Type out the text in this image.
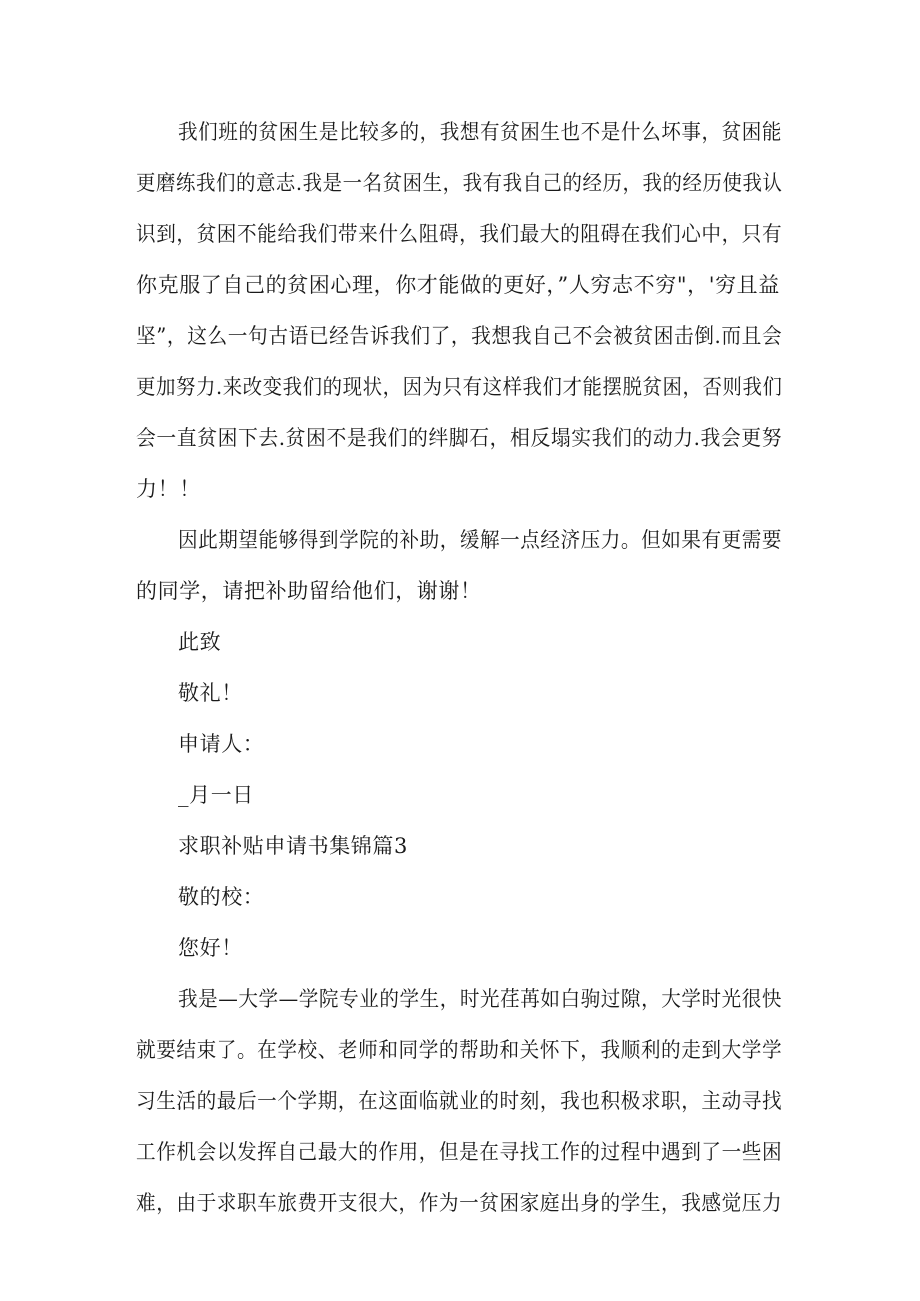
我们班的贫困生是比较多的，我想有贫困生也不是什么坏事，贫困能
更磨练我们的意志.我是一名贫困生，我有我自己的经历，我的经历使我认
识到，贫困不能给我们带来什么阻碍，我们最大的阻碍在我们心中，只有
你克服了自己的贫困心理，你才能做的更好，”人穷志不穷"，'穷且益
坚”，这么一句古语已经告诉我们了，我想我自己不会被贫困击倒.而且会
更加努力.来改变我们的现状，因为只有这样我们才能摆脱贫困，否则我们
会一直贫困下去.贫困不是我们的绊脚石，相反塌实我们的动力.我会更努
力！！
因此期望能够得到学院的补助，缓解一点经济压力。但如果有更需要
的同学，请把补助留给他们，谢谢！
此致
敬礼！
申请人：
_月一日
求职补贴申请书集锦篇3
敬的校：
您好！
我是—大学—学院专业的学生，时光荏苒如白驹过隙，大学时光很快
就要结束了。在学校、老师和同学的帮助和关怀下，我顺利的走到大学学
习生活的最后一个学期，在这面临就业的时刻，我也积极求职，主动寻找
工作机会以发挥自己最大的作用，但是在寻找工作的过程中遇到了一些困
难，由于求职车旅费开支很大，作为一贫困家庭出身的学生，我感觉压力
